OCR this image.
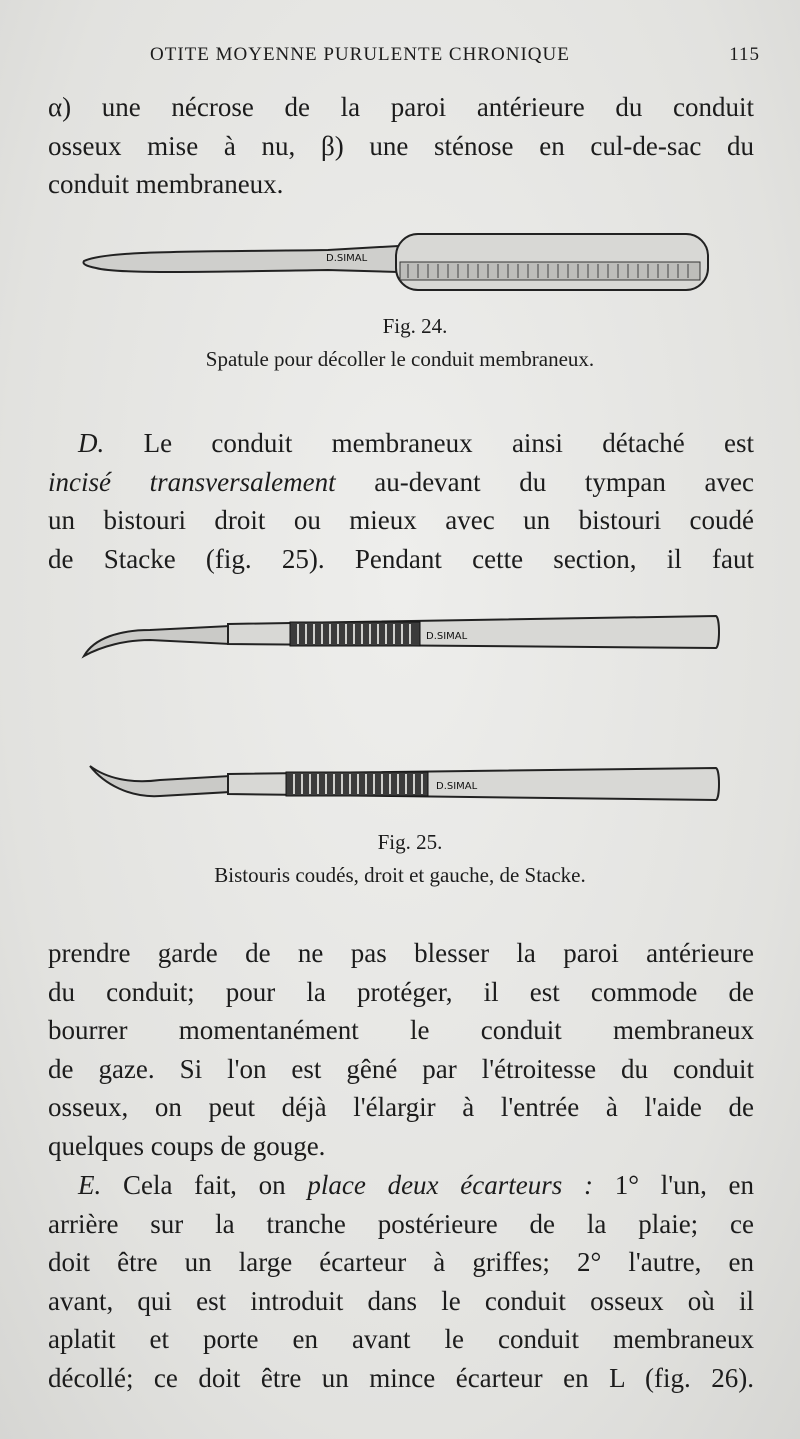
OTITE MOYENNE PURULENTE CHRONIQUE	115
α) une nécrose de la paroi antérieure du conduit
osseux mise à nu, β) une sténose en cul-de-sac du
conduit membraneux.
D.SIMAL
Fig. 24.
Spatule pour décoller le conduit membraneux.
D. Le conduit membraneux ainsi détaché est
incisé transversalement au-devant du tympan avec
un bistouri droit ou mieux avec un bistouri coudé
de Stacke (fig. 25). Pendant cette section, il faut
D.SIMAL
D.SIMAL
Fig. 25.
Bistouris coudés, droit et gauche, de Stacke.
prendre garde de ne pas blesser la paroi antérieure
du conduit; pour la protéger, il est commode de
bourrer momentanément le conduit membraneux
de gaze. Si l'on est gêné par l'étroitesse du conduit
osseux, on peut déjà l'élargir à l'entrée à l'aide de
quelques coups de gouge.
E. Cela fait, on place deux écarteurs : 1° l'un, en
arrière sur la tranche postérieure de la plaie; ce
doit être un large écarteur à griffes; 2° l'autre, en
avant, qui est introduit dans le conduit osseux où il
aplatit et porte en avant le conduit membraneux
décollé; ce doit être un mince écarteur en L (fig. 26).
